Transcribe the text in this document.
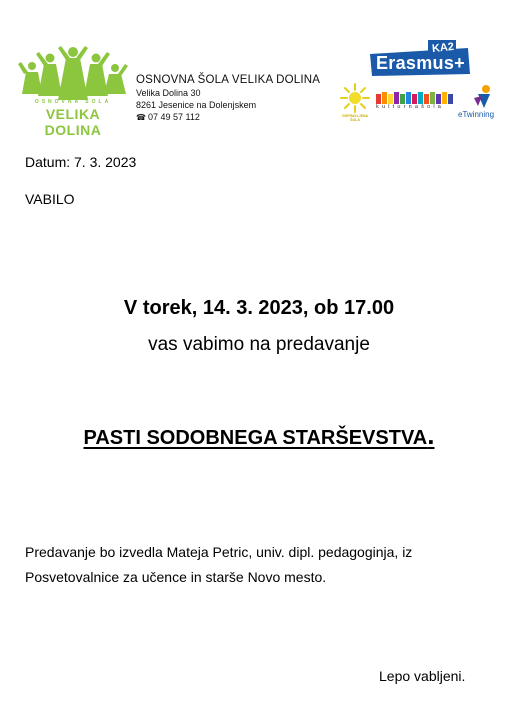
OSNOVNA ŠOLA
VELIKA DOLINA
OSNOVNA ŠOLA VELIKA DOLINA
Velika Dolina 30
8261 Jesenice na Dolenjskem
☎ 07 49 57 112
KA2
Erasmus+
ODPRAVLJENA ŠOLA
kulturnašola
eTwinning
Datum: 7. 3. 2023
VABILO
V torek, 14. 3. 2023, ob 17.00
vas vabimo na predavanje
PASTI SODOBNEGA STARŠEVSTVA.
Predavanje bo izvedla Mateja Petric, univ. dipl. pedagoginja, iz Posvetovalnice za učence in starše Novo mesto.
Lepo vabljeni.
